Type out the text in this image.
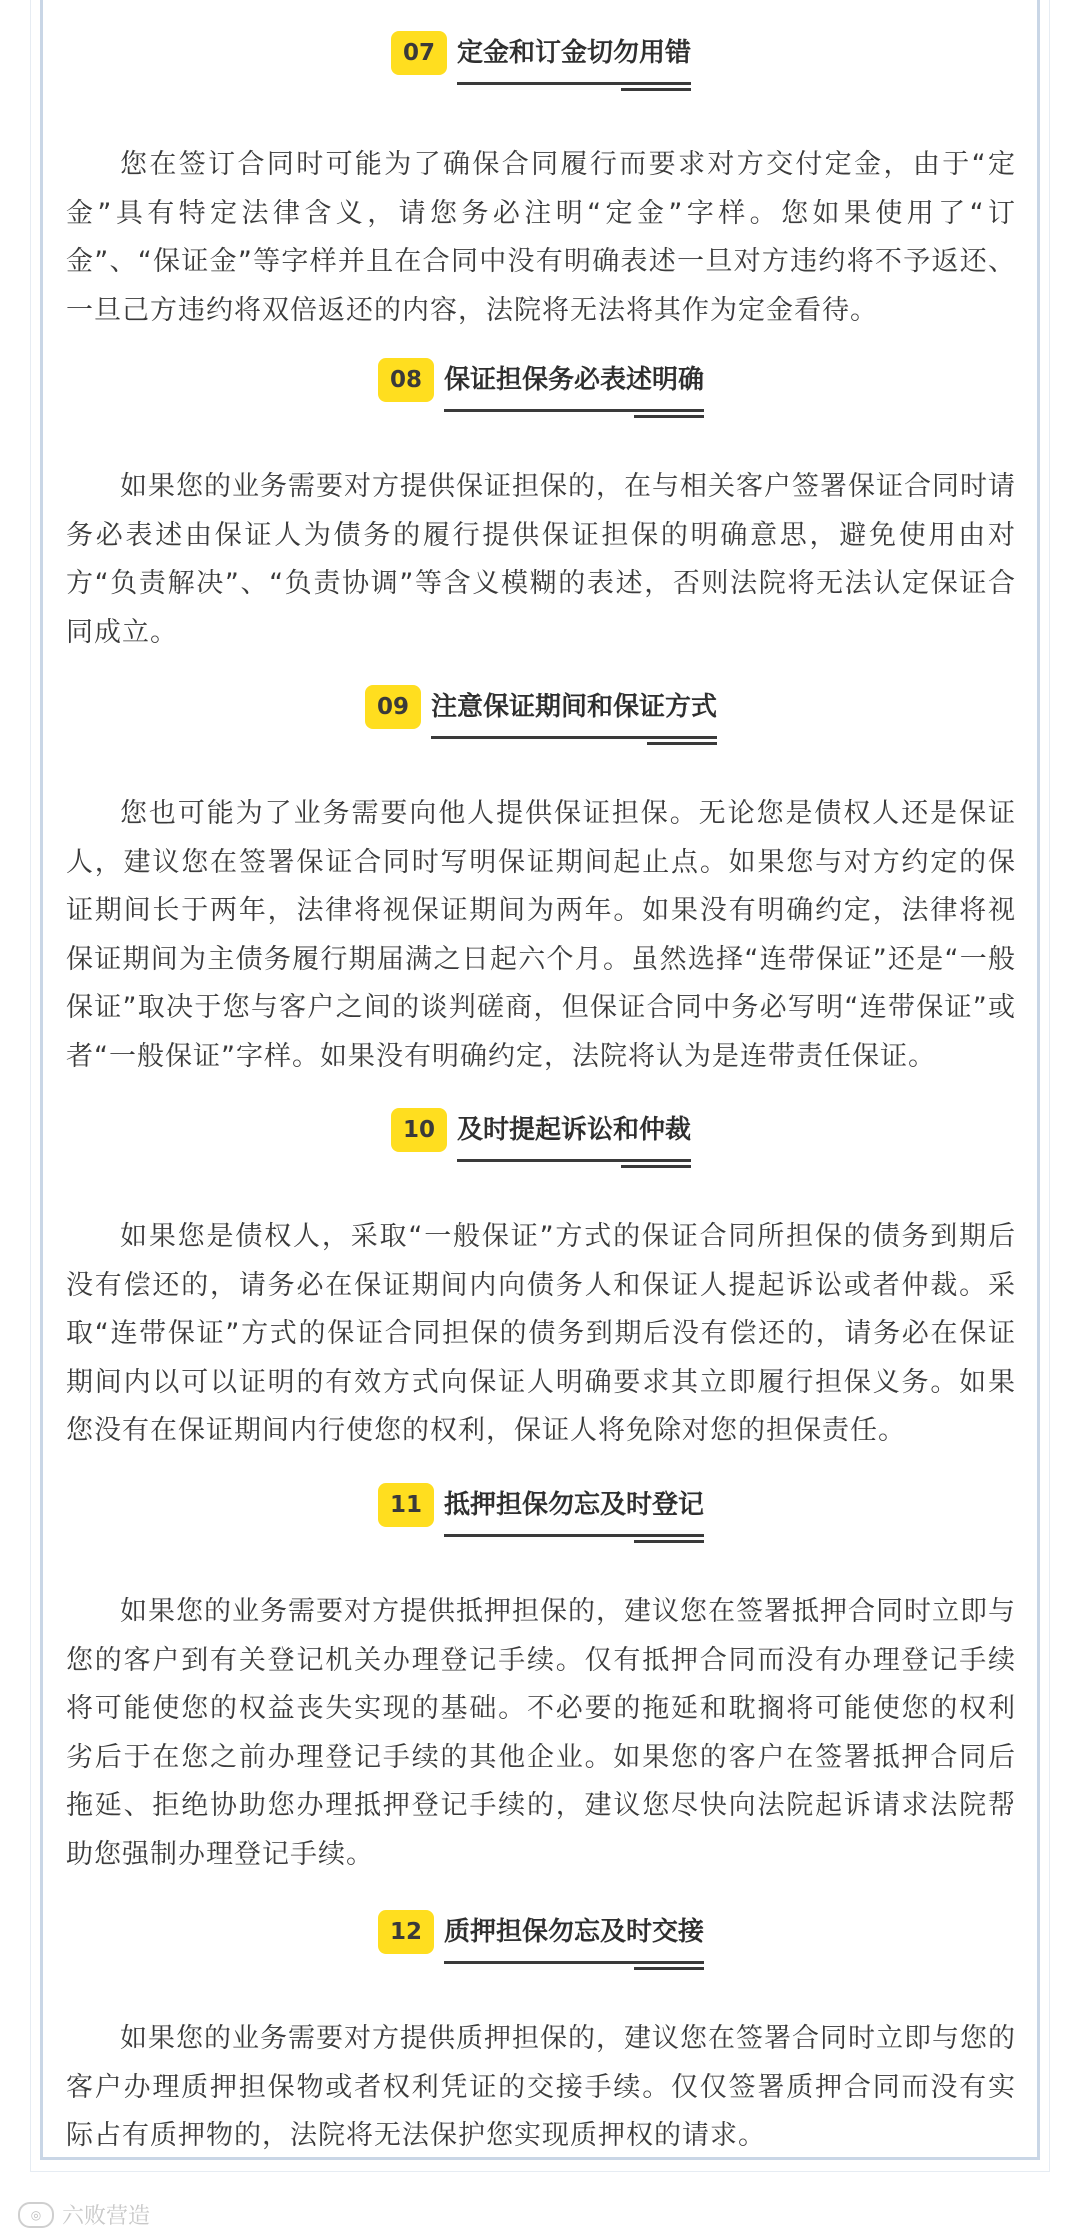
07 定金和订金切勿用错

您在签订合同时可能为了确保合同履行而要求对方交付定金，由于“定金”具有特定法律含义，请您务必注明“定金”字样。您如果使用了“订金”、“保证金”等字样并且在合同中没有明确表述一旦对方违约将不予返还、一旦己方违约将双倍返还的内容，法院将无法将其作为定金看待。

08 保证担保务必表述明确

如果您的业务需要对方提供保证担保的，在与相关客户签署保证合同时请务必表述由保证人为债务的履行提供保证担保的明确意思，避免使用由对方“负责解决”、“负责协调”等含义模糊的表述，否则法院将无法认定保证合同成立。

09 注意保证期间和保证方式

您也可能为了业务需要向他人提供保证担保。无论您是债权人还是保证人，建议您在签署保证合同时写明保证期间起止点。如果您与对方约定的保证期间长于两年，法律将视保证期间为两年。如果没有明确约定，法律将视保证期间为主债务履行期届满之日起六个月。虽然选择“连带保证”还是“一般保证”取决于您与客户之间的谈判磋商，但保证合同中务必写明“连带保证”或者“一般保证”字样。如果没有明确约定，法院将认为是连带责任保证。

10 及时提起诉讼和仲裁

如果您是债权人，采取“一般保证”方式的保证合同所担保的债务到期后没有偿还的，请务必在保证期间内向债务人和保证人提起诉讼或者仲裁。采取“连带保证”方式的保证合同担保的债务到期后没有偿还的，请务必在保证期间内以可以证明的有效方式向保证人明确要求其立即履行担保义务。如果您没有在保证期间内行使您的权利，保证人将免除对您的担保责任。

11 抵押担保勿忘及时登记

如果您的业务需要对方提供抵押担保的，建议您在签署抵押合同时立即与您的客户到有关登记机关办理登记手续。仅有抵押合同而没有办理登记手续将可能使您的权益丧失实现的基础。不必要的拖延和耽搁将可能使您的权利劣后于在您之前办理登记手续的其他企业。如果您的客户在签署抵押合同后拖延、拒绝协助您办理抵押登记手续的，建议您尽快向法院起诉请求法院帮助您强制办理登记手续。

12 质押担保勿忘及时交接

如果您的业务需要对方提供质押担保的，建议您在签署合同时立即与您的客户办理质押担保物或者权利凭证的交接手续。仅仅签署质押合同而没有实际占有质押物的，法院将无法保护您实现质押权的请求。

◎ 六败营造
